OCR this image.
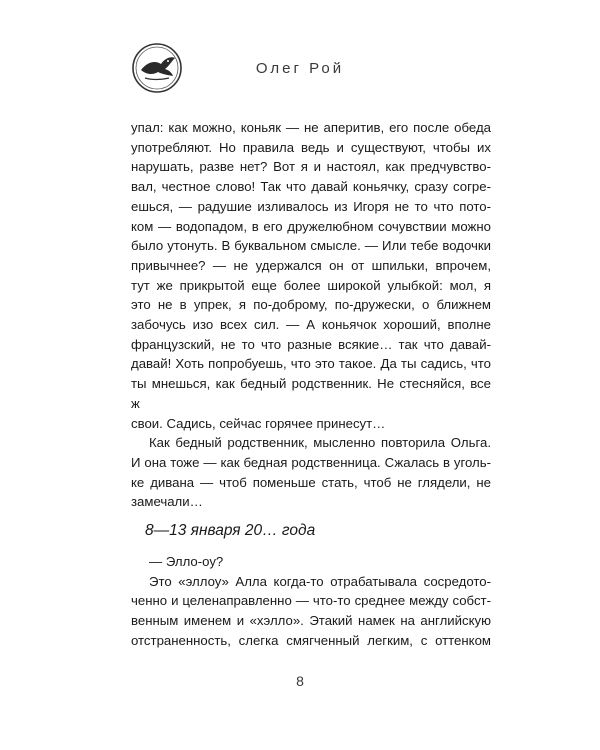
Олег Рой

упал: как можно, коньяк — не аперитив, его после обеда

употребляют. Но правила ведь и существуют, чтобы их

нарушать, разве нет? Вот я и настоял, как предчувство-

вал, честное слово! Так что давай коньячку, сразу согре-

ешься, — радушие изливалось из Игоря не то что пото-

ком — водопадом, в его дружелюбном сочувствии можно

было утонуть. В буквальном смысле. — Или тебе водочки

привычнее? — не удержался он от шпильки, впрочем,

тут же прикрытой еще более широкой улыбкой: мол, я

это не в упрек, я по-доброму, по-дружески, о ближнем

забочусь изо всех сил. — А коньячок хороший, вполне

французский, не то что разные всякие… так что давай-

давай! Хоть попробуешь, что это такое. Да ты садись, что

ты мнешься, как бедный родственник. Не стесняйся, все ж

свои. Садись, сейчас горячее принесут…

Как бедный родственник, мысленно повторила Ольга.

И она тоже — как бедная родственница. Сжалась в уголь-

ке дивана — чтоб поменьше стать, чтоб не глядели, не

замечали…

8—13 января 20… года

— Элло-оу?

Это «эллоу» Алла когда-то отрабатывала сосредото-

ченно и целенаправленно — что-то среднее между собст-

венным именем и «хэлло». Этакий намек на английскую

отстраненность, слегка смягченный легким, с оттенком

8
